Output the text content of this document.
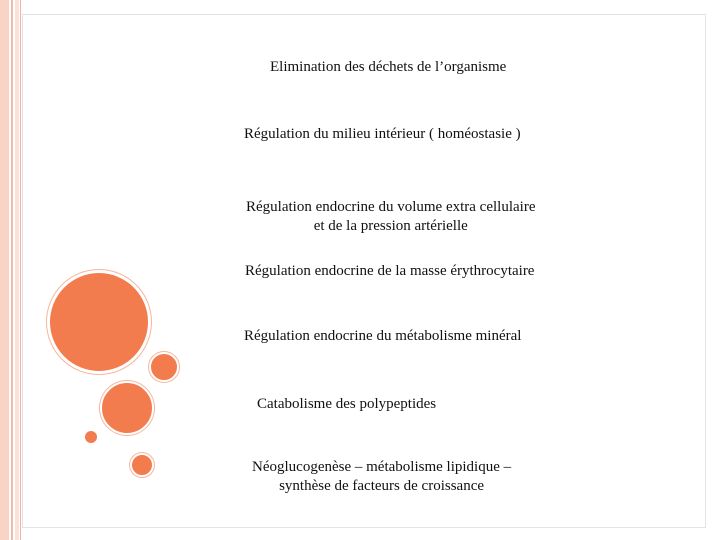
Elimination des déchets de l’organisme

Régulation du milieu intérieur ( homéostasie )

Régulation endocrine du volume extra cellulaire
et de la pression artérielle

Régulation endocrine de la masse érythrocytaire

Régulation endocrine du métabolisme minéral

Catabolisme des polypeptides

Néoglucogenèse – métabolisme lipidique –
synthèse de facteurs de croissance
